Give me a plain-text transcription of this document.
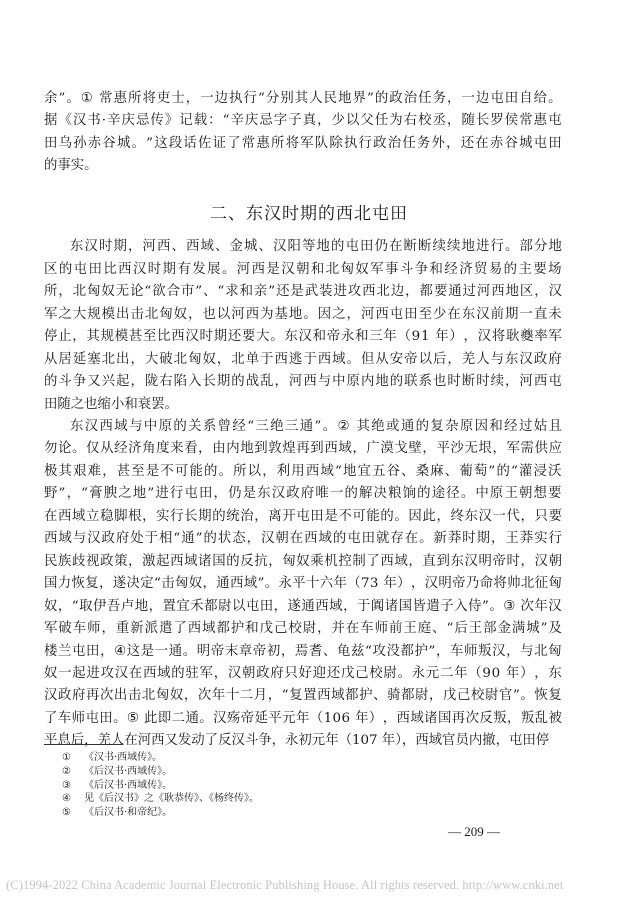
余 ” 。 ①
常 惠 所 将 吏 士 ， 一 边 执 行 “ 分 别 其 人 民 地 界 ” 的 政 治 任 务 ， 一 边 屯 田 自 给 。
据 《 汉 书 · 辛 庆 忌 传 》 记 载 ： “ 辛 庆 忌 字 子 真 ， 少 以 父 任 为 右 校 丞 ， 随 长 罗 侯 常 惠 屯
田 乌 孙 赤 谷 城 。 ” 这 段 话 佐 证 了 常 惠 所 将 军 队 除 执 行 政 治 任 务 外 ， 还 在 赤 谷 城 屯 田
的事实。
东 汉 时 期 ， 河 西 、 西 域 、 金 城 、 汉 阳 等 地 的 屯 田 仍 在 断 断 续 续 地 进 行 。 部 分 地
区 的 屯 田 比 西 汉 时 期 有 发 展 。 河 西 是 汉 朝 和 北 匈 奴 军 事 斗 争 和 经 济 贸 易 的 主 要 场
所 ， 北 匈 奴 无 论 “ 欲 合 市 ” 、 “ 求 和 亲 ” 还 是 武 装 进 攻 西 北 边 ， 都 要 通 过 河 西 地 区 ， 汉
军 之 大 规 模 出 击 北 匈 奴 ， 也 以 河 西 为 基 地 。 因 之 ， 河 西 屯 田 至 少 在 东 汉 前 期 一 直 未
停 止 ， 其 规 模 甚 至 比 西 汉 时 期 还 要 大 。 东 汉 和 帝 永 和 三 年 （ 9 1
年 ） ， 汉 将 耿 夔 率 军
从 居 延 塞 北 出 ， 大 破 北 匈 奴 ， 北 单 于 西 逃 于 西 域 。 但 从 安 帝 以 后 ， 羌 人 与 东 汉 政 府
的 斗 争 又 兴 起 ， 陇 右 陷 入 长 期 的 战 乱 ， 河 西 与 中 原 内 地 的 联 系 也 时 断 时 续 ， 河 西 屯
田随之也缩小和衰罢。
东 汉 西 域 与 中 原 的 关 系 曾 经 “ 三 绝 三 通 ” 。 ②
其 绝 或 通 的 复 杂 原 因 和 经 过 姑 且
勿 论 。 仅 从 经 济 角 度 来 看 ， 由 内 地 到 敦 煌 再 到 西 域 ， 广 漠 戈 壁 ， 平 沙 无 垠 ， 军 需 供 应
极 其 艰 难 ， 甚 至 是 不 可 能 的 。 所 以 ， 利 用 西 域 “ 地 宜 五 谷 、 桑 麻 、 葡 萄 ” 的 “ 灌 浸 沃
野 ” ， “ 膏 腴 之 地 ” 进 行 屯 田 ， 仍 是 东 汉 政 府 唯 一 的 解 决 粮 饷 的 途 径 。 中 原 王 朝 想 要
在 西 域 立 稳 脚 根 ， 实 行 长 期 的 统 治 ， 离 开 屯 田 是 不 可 能 的 。 因 此 ， 终 东 汉 一 代 ， 只 要
西 域 与 汉 政 府 处 于 相 “ 通 ” 的 状 态 ， 汉 朝 在 西 域 的 屯 田 就 存 在 。 新 莽 时 期 ， 王 莽 实 行
民 族 歧 视 政 策 ， 激 起 西 域 诸 国 的 反 抗 ， 匈 奴 乘 机 控 制 了 西 域 ， 直 到 东 汉 明 帝 时 ， 汉 朝
国 力 恢 复 ， 遂 决 定 “ 击 匈 奴 ， 通 西 域 ” 。 永 平 十 六 年 （ 7 3
年 ） ， 汉 明 帝 乃 命 将 帅 北 征 匈
奴 ， “ 取 伊 吾 卢 地 ， 置 宜 禾 都 尉 以 屯 田 ， 遂 通 西 域 ， 于 阗 诸 国 皆 遣 子 入 侍 ” 。 ③
次 年 汉
军 破 车 师 ， 重 新 派 遣 了 西 域 都 护 和 戊 己 校 尉 ， 并 在 车 师 前 王 庭 、 “ 后 王 部 金 满 城 ” 及
楼 兰 屯 田 ， ④ 这 是 一 通 。 明 帝 末 章 帝 初 ， 焉 耆 、 龟 兹 “ 攻 没 都 护 ” ， 车 师 叛 汉 ， 与 北 匈
奴 一 起 进 攻 汉 在 西 域 的 驻 军 ， 汉 朝 政 府 只 好 迎 还 戊 己 校 尉 。 永 元 二 年 （ 9 0
年 ） ， 东
汉 政 府 再 次 出 击 北 匈 奴 ， 次 年 十 二 月 ， “ 复 置 西 域 都 护 、 骑 都 尉 ， 戊 己 校 尉 官 ” 。 恢 复
了 车 师 屯 田 。 ⑤
此 即 二 通 。 汉 殇 帝 延 平 元 年 （ 1 0 6
年 ） ， 西 域 诸 国 再 次 反 叛 ， 叛 乱 被
平息后，羌人在河西又发动了反汉斗争，永初元年（107 年），西域官员内撤，屯田停
① 《汉书·西域传》。
② 《后汉书·西域传》。
③ 《后汉书·西域传》。
④ 见《后汉书》之《耿恭传》、《杨终传》。
⑤ 《后汉书·和帝纪》。
二、东汉时期的西北屯田
— 209 —
(C)1994-2022 China Academic Journal Electronic Publishing House. All rights reserved. http://www.cnki.net
